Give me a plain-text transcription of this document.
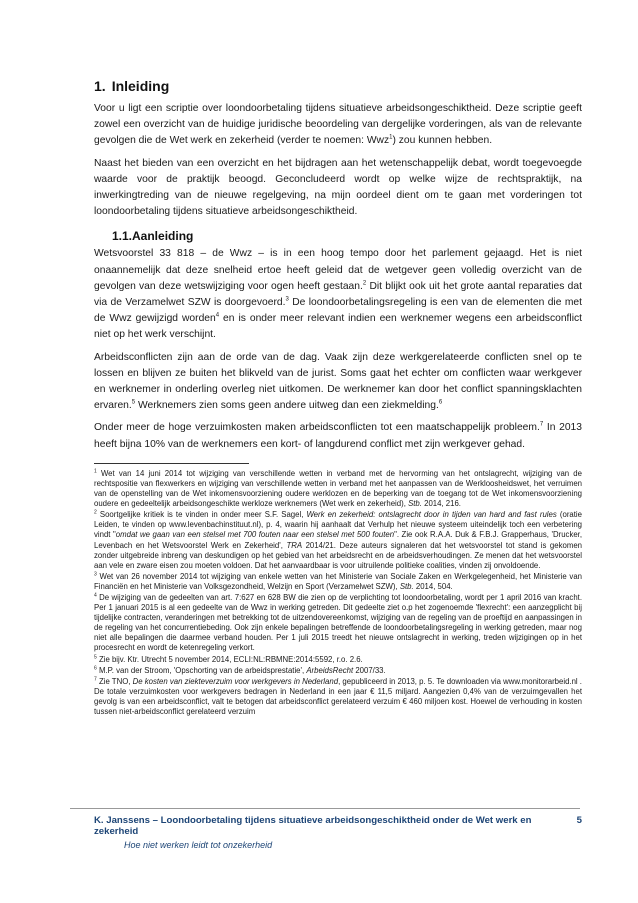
1. Inleiding

Voor u ligt een scriptie over loondoorbetaling tijdens situatieve arbeidsongeschiktheid. Deze scriptie geeft zowel een overzicht van de huidige juridische beoordeling van dergelijke vorderingen, als van de relevante gevolgen die de Wet werk en zekerheid (verder te noemen: Wwz$^1$) zou kunnen hebben.

Naast het bieden van een overzicht en het bijdragen aan het wetenschappelijk debat, wordt toegevoegde waarde voor de praktijk beoogd. Geconcludeerd wordt op welke wijze de rechtspraktijk, na inwerkingtreding van de nieuwe regelgeving, na mijn oordeel dient om te gaan met vorderingen tot loondoorbetaling tijdens situatieve arbeidsongeschiktheid.

1.1.Aanleiding

Wetsvoorstel 33 818 – de Wwz – is in een hoog tempo door het parlement gejaagd. Het is niet onaannemelijk dat deze snelheid ertoe heeft geleid dat de wetgever geen volledig overzicht van de gevolgen van deze wetswijziging voor ogen heeft gestaan.$^2$ Dit blijkt ook uit het grote aantal reparaties dat via de Verzamelwet SZW is doorgevoerd.$^3$ De loondoorbetalingsregeling is een van de elementen die met de Wwz gewijzigd worden$^4$ en is onder meer relevant indien een werknemer wegens een arbeidsconflict niet op het werk verschijnt.

Arbeidsconflicten zijn aan de orde van de dag. Vaak zijn deze werkgerelateerde conflicten snel op te lossen en blijven ze buiten het blikveld van de jurist. Soms gaat het echter om conflicten waar werkgever en werknemer in onderling overleg niet uitkomen. De werknemer kan door het conflict spanningsklachten ervaren.$^5$ Werknemers zien soms geen andere uitweg dan een ziekmelding.$^6$

Onder meer de hoge verzuimkosten maken arbeidsconflicten tot een maatschappelijk probleem.$^7$ In 2013 heeft bijna 10% van de werknemers een kort- of langdurend conflict met zijn werkgever gehad.

$^1$ Wet van 14 juni 2014 tot wijziging van verschillende wetten in verband met de hervorming van het ontslagrecht, wijziging van de rechtspositie van flexwerkers en wijziging van verschillende wetten in verband met het aanpassen van de Werkloosheidswet, het verruimen van de openstelling van de Wet inkomensvoorziening oudere werklozen en de beperking van de toegang tot de Wet inkomensvoorziening oudere en gedeeltelijk arbeidsongeschikte werkloze werknemers (Wet werk en zekerheid), Stb. 2014, 216.
$^2$ Soortgelijke kritiek is te vinden in onder meer S.F. Sagel, Werk en zekerheid: ontslagrecht door in tijden van hard and fast rules (oratie Leiden, te vinden op www.levenbachinstituut.nl), p. 4, waarin hij aanhaalt dat Verhulp het nieuwe systeem uiteindelijk toch een verbetering vindt "omdat we gaan van een stelsel met 700 fouten naar een stelsel met 500 fouten". Zie ook R.A.A. Duk & F.B.J. Grapperhaus, 'Drucker, Levenbach en het Wetsvoorstel Werk en Zekerheid', TRA 2014/21. Deze auteurs signaleren dat het wetsvoorstel tot stand is gekomen zonder uitgebreide inbreng van deskundigen op het gebied van het arbeidsrecht en de arbeidsverhoudingen. Ze menen dat het wetsvoorstel aan vele en zware eisen zou moeten voldoen. Dat het aanvaardbaar is voor uitruilende politieke coalities, vinden zij onvoldoende.
$^3$ Wet van 26 november 2014 tot wijziging van enkele wetten van het Ministerie van Sociale Zaken en Werkgelegenheid, het Ministerie van Financiën en het Ministerie van Volksgezondheid, Welzijn en Sport (Verzamelwet SZW), Stb. 2014, 504.
$^4$ De wijziging van de gedeelten van art. 7:627 en 628 BW die zien op de verplichting tot loondoorbetaling, wordt per 1 april 2016 van kracht. Per 1 januari 2015 is al een gedeelte van de Wwz in werking getreden. Dit gedeelte ziet o.p het zogenoemde 'flexrecht': een aanzegplicht bij tijdelijke contracten, veranderingen met betrekking tot de uitzendovereenkomst, wijziging van de regeling van de proeftijd en aanpassingen in de regeling van het concurrentiebeding. Ook zijn enkele bepalingen betreffende de loondoorbetalingsregeling in werking getreden, maar nog niet alle bepalingen die daarmee verband houden. Per 1 juli 2015 treedt het nieuwe ontslagrecht in werking, treden wijzigingen op in het procesrecht en wordt de ketenregeling verkort.
$^5$ Zie bijv. Ktr. Utrecht 5 november 2014, ECLI:NL:RBMNE:2014:5592, r.o. 2.6.
$^6$ M.P. van der Stroom, 'Opschorting van de arbeidsprestatie', ArbeidsRecht 2007/33.
$^7$ Zie TNO, De kosten van ziekteverzuim voor werkgevers in Nederland, gepubliceerd in 2013, p. 5. Te downloaden via www.monitorarbeid.nl . De totale verzuimkosten voor werkgevers bedragen in Nederland in een jaar € 11,5 miljard. Aangezien 0,4% van de verzuimgevallen het gevolg is van een arbeidsconflict, valt te betogen dat arbeidsconflict gerelateerd verzuim € 460 miljoen kost. Hoewel de verhouding in kosten tussen niet-arbeidsconflict gerelateerd verzuim
K. Janssens – Loondoorbetaling tijdens situatieve arbeidsongeschiktheid onder de Wet werk en zekerheid
5
Hoe niet werken leidt tot onzekerheid
